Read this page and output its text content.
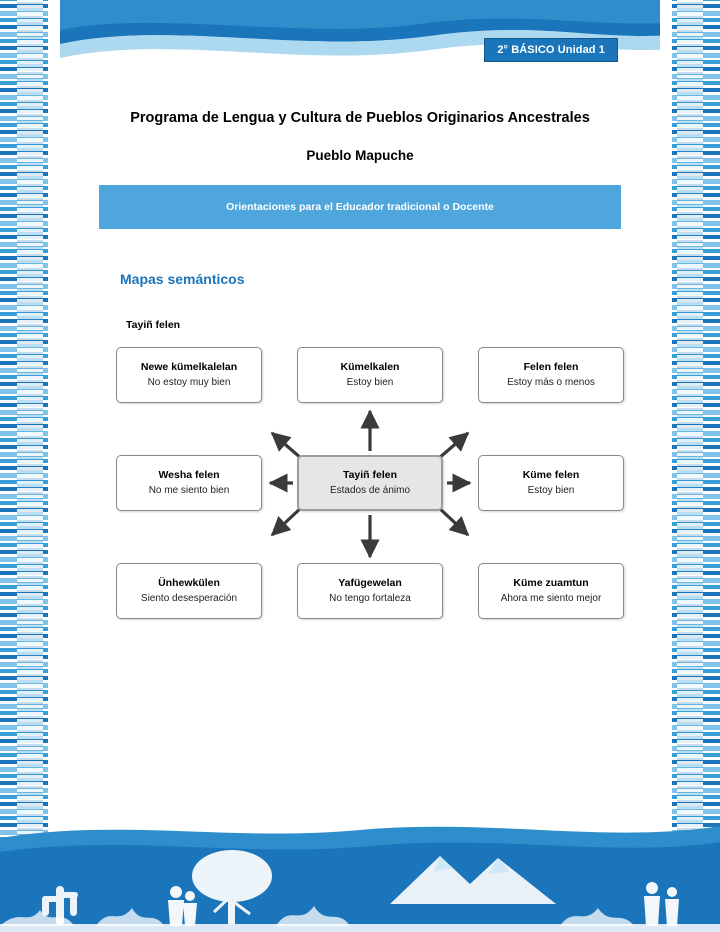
2° BÁSICO Unidad 1
Programa de Lengua y Cultura de Pueblos Originarios Ancestrales
Pueblo Mapuche
Orientaciones para el Educador tradicional o Docente
Mapas semánticos
Tayiñ felen
Newe kümelkalelan
No estoy muy bien
Kümelkalen
Estoy bien
Felen felen
Estoy más o menos
Wesha felen
No me siento bien
Tayiñ felen
Estados de ánimo
Küme felen
Estoy bien
Ünhewkülen
Siento desesperación
Yafügewelan
No tengo fortaleza
Küme zuamtun
Ahora me siento mejor
